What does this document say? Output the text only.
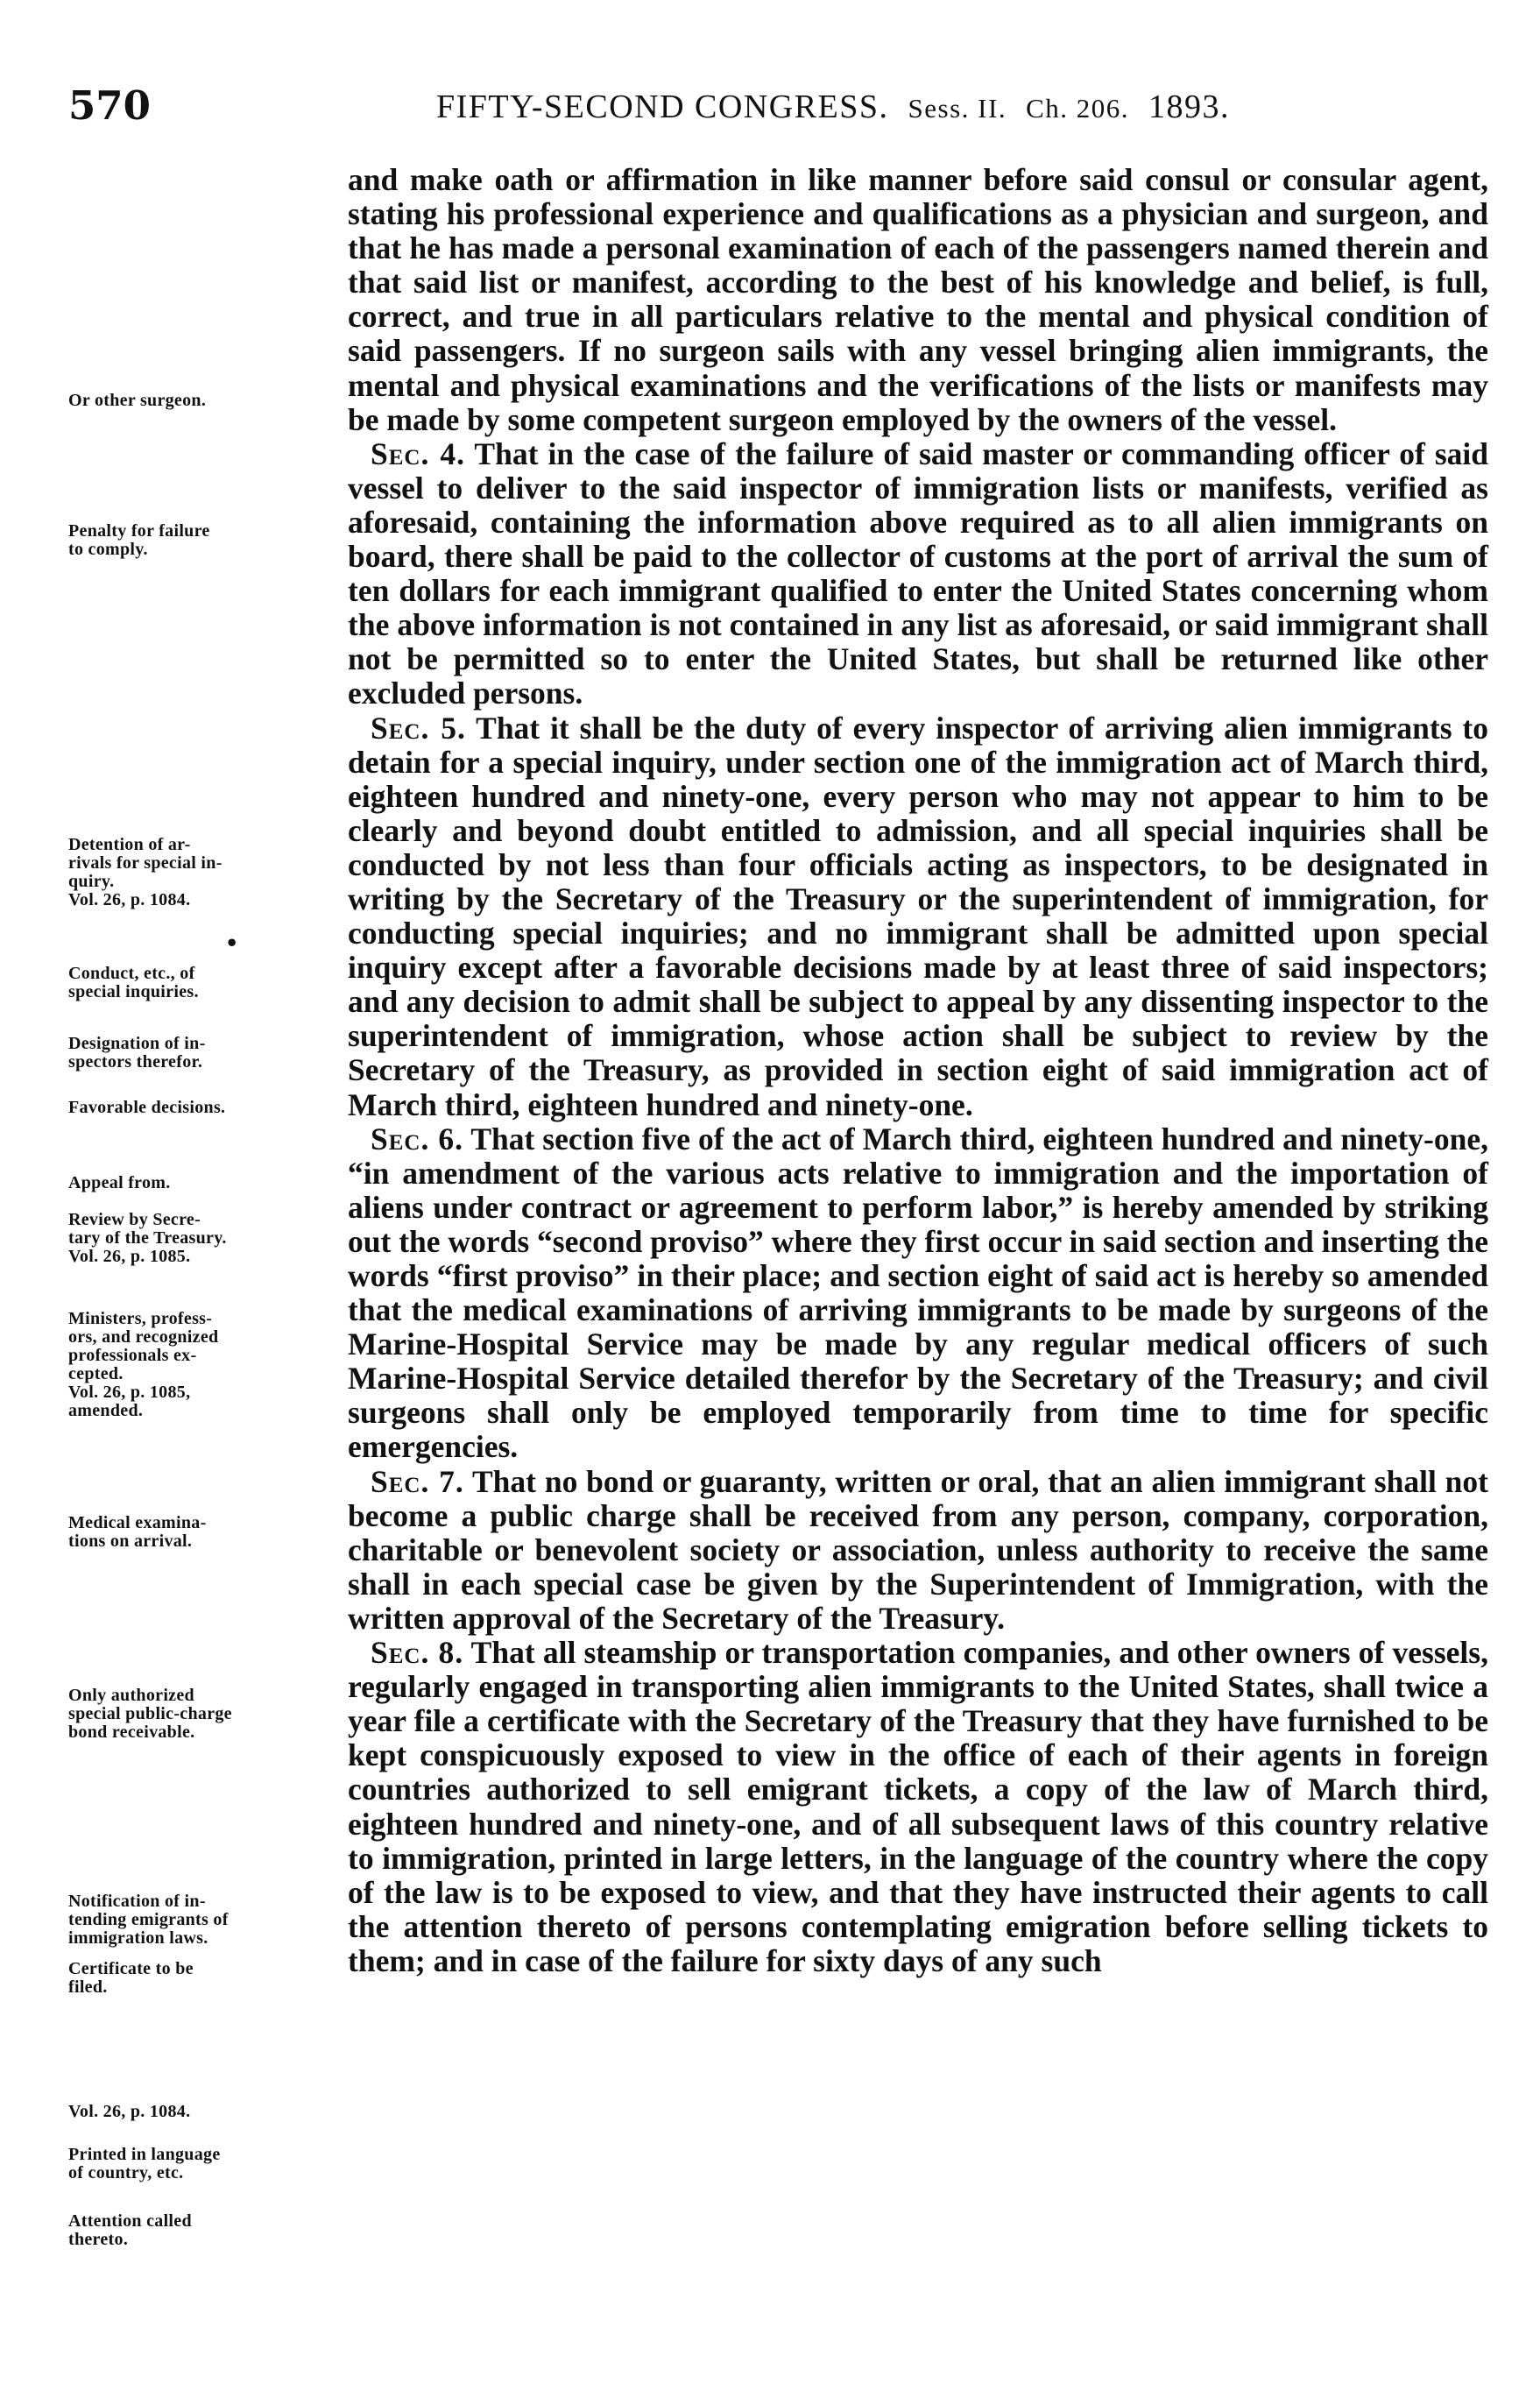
570	FIFTY-SECOND CONGRESS. Sess. II. Ch. 206. 1893.

and make oath or affirmation in like manner before said consul or consular agent, stating his professional experience and qualifications as a physician and surgeon, and that he has made a personal examination of each of the passengers named therein and that said list or manifest, according to the best of his knowledge and belief, is full, correct, and true in all particulars relative to the mental and physical condition of said passengers. If no surgeon sails with any vessel bringing alien immigrants, the mental and physical examinations and the verifications of the lists or manifests may be made by some competent surgeon employed by the owners of the vessel.

Sec. 4. That in the case of the failure of said master or commanding officer of said vessel to deliver to the said inspector of immigration lists or manifests, verified as aforesaid, containing the information above required as to all alien immigrants on board, there shall be paid to the collector of customs at the port of arrival the sum of ten dollars for each immigrant qualified to enter the United States concerning whom the above information is not contained in any list as aforesaid, or said immigrant shall not be permitted so to enter the United States, but shall be returned like other excluded persons.

Sec. 5. That it shall be the duty of every inspector of arriving alien immigrants to detain for a special inquiry, under section one of the immigration act of March third, eighteen hundred and ninety-one, every person who may not appear to him to be clearly and beyond doubt entitled to admission, and all special inquiries shall be conducted by not less than four officials acting as inspectors, to be designated in writing by the Secretary of the Treasury or the superintendent of immigration, for conducting special inquiries; and no immigrant shall be admitted upon special inquiry except after a favorable decisions made by at least three of said inspectors; and any decision to admit shall be subject to appeal by any dissenting inspector to the superintendent of immigration, whose action shall be subject to review by the Secretary of the Treasury, as provided in section eight of said immigration act of March third, eighteen hundred and ninety-one.

Sec. 6. That section five of the act of March third, eighteen hundred and ninety-one, “in amendment of the various acts relative to immigration and the importation of aliens under contract or agreement to perform labor,” is hereby amended by striking out the words “second proviso” where they first occur in said section and inserting the words “first proviso” in their place; and section eight of said act is hereby so amended that the medical examinations of arriving immigrants to be made by surgeons of the Marine-Hospital Service may be made by any regular medical officers of such Marine-Hospital Service detailed therefor by the Secretary of the Treasury; and civil surgeons shall only be employed temporarily from time to time for specific emergencies.

Sec. 7. That no bond or guaranty, written or oral, that an alien immigrant shall not become a public charge shall be received from any person, company, corporation, charitable or benevolent society or association, unless authority to receive the same shall in each special case be given by the Superintendent of Immigration, with the written approval of the Secretary of the Treasury.

Sec. 8. That all steamship or transportation companies, and other owners of vessels, regularly engaged in transporting alien immigrants to the United States, shall twice a year file a certificate with the Secretary of the Treasury that they have furnished to be kept conspicuously exposed to view in the office of each of their agents in foreign countries authorized to sell emigrant tickets, a copy of the law of March third, eighteen hundred and ninety-one, and of all subsequent laws of this country relative to immigration, printed in large letters, in the language of the country where the copy of the law is to be exposed to view, and that they have instructed their agents to call the attention thereto of persons contemplating emigration before selling tickets to them; and in case of the failure for sixty days of any such

Or other surgeon.
Penalty for failure
to comply.
Detention of ar-
rivals for special in-
quiry.
Vol. 26, p. 1084.
•
Conduct, etc., of
special inquiries.
Designation of in-
spectors therefor.
Favorable decisions.
Appeal from.
Review by Secre-
tary of the Treasury.
Vol. 26, p. 1085.
Ministers, profess-
ors, and recognized
professionals ex-
cepted.
Vol. 26, p. 1085,
amended.
Medical examina-
tions on arrival.
Only authorized
special public-charge
bond receivable.
Notification of in-
tending emigrants of
immigration laws.
Certificate to be
filed.
Vol. 26, p. 1084.
Printed in language
of country, etc.
Attention called
thereto.
